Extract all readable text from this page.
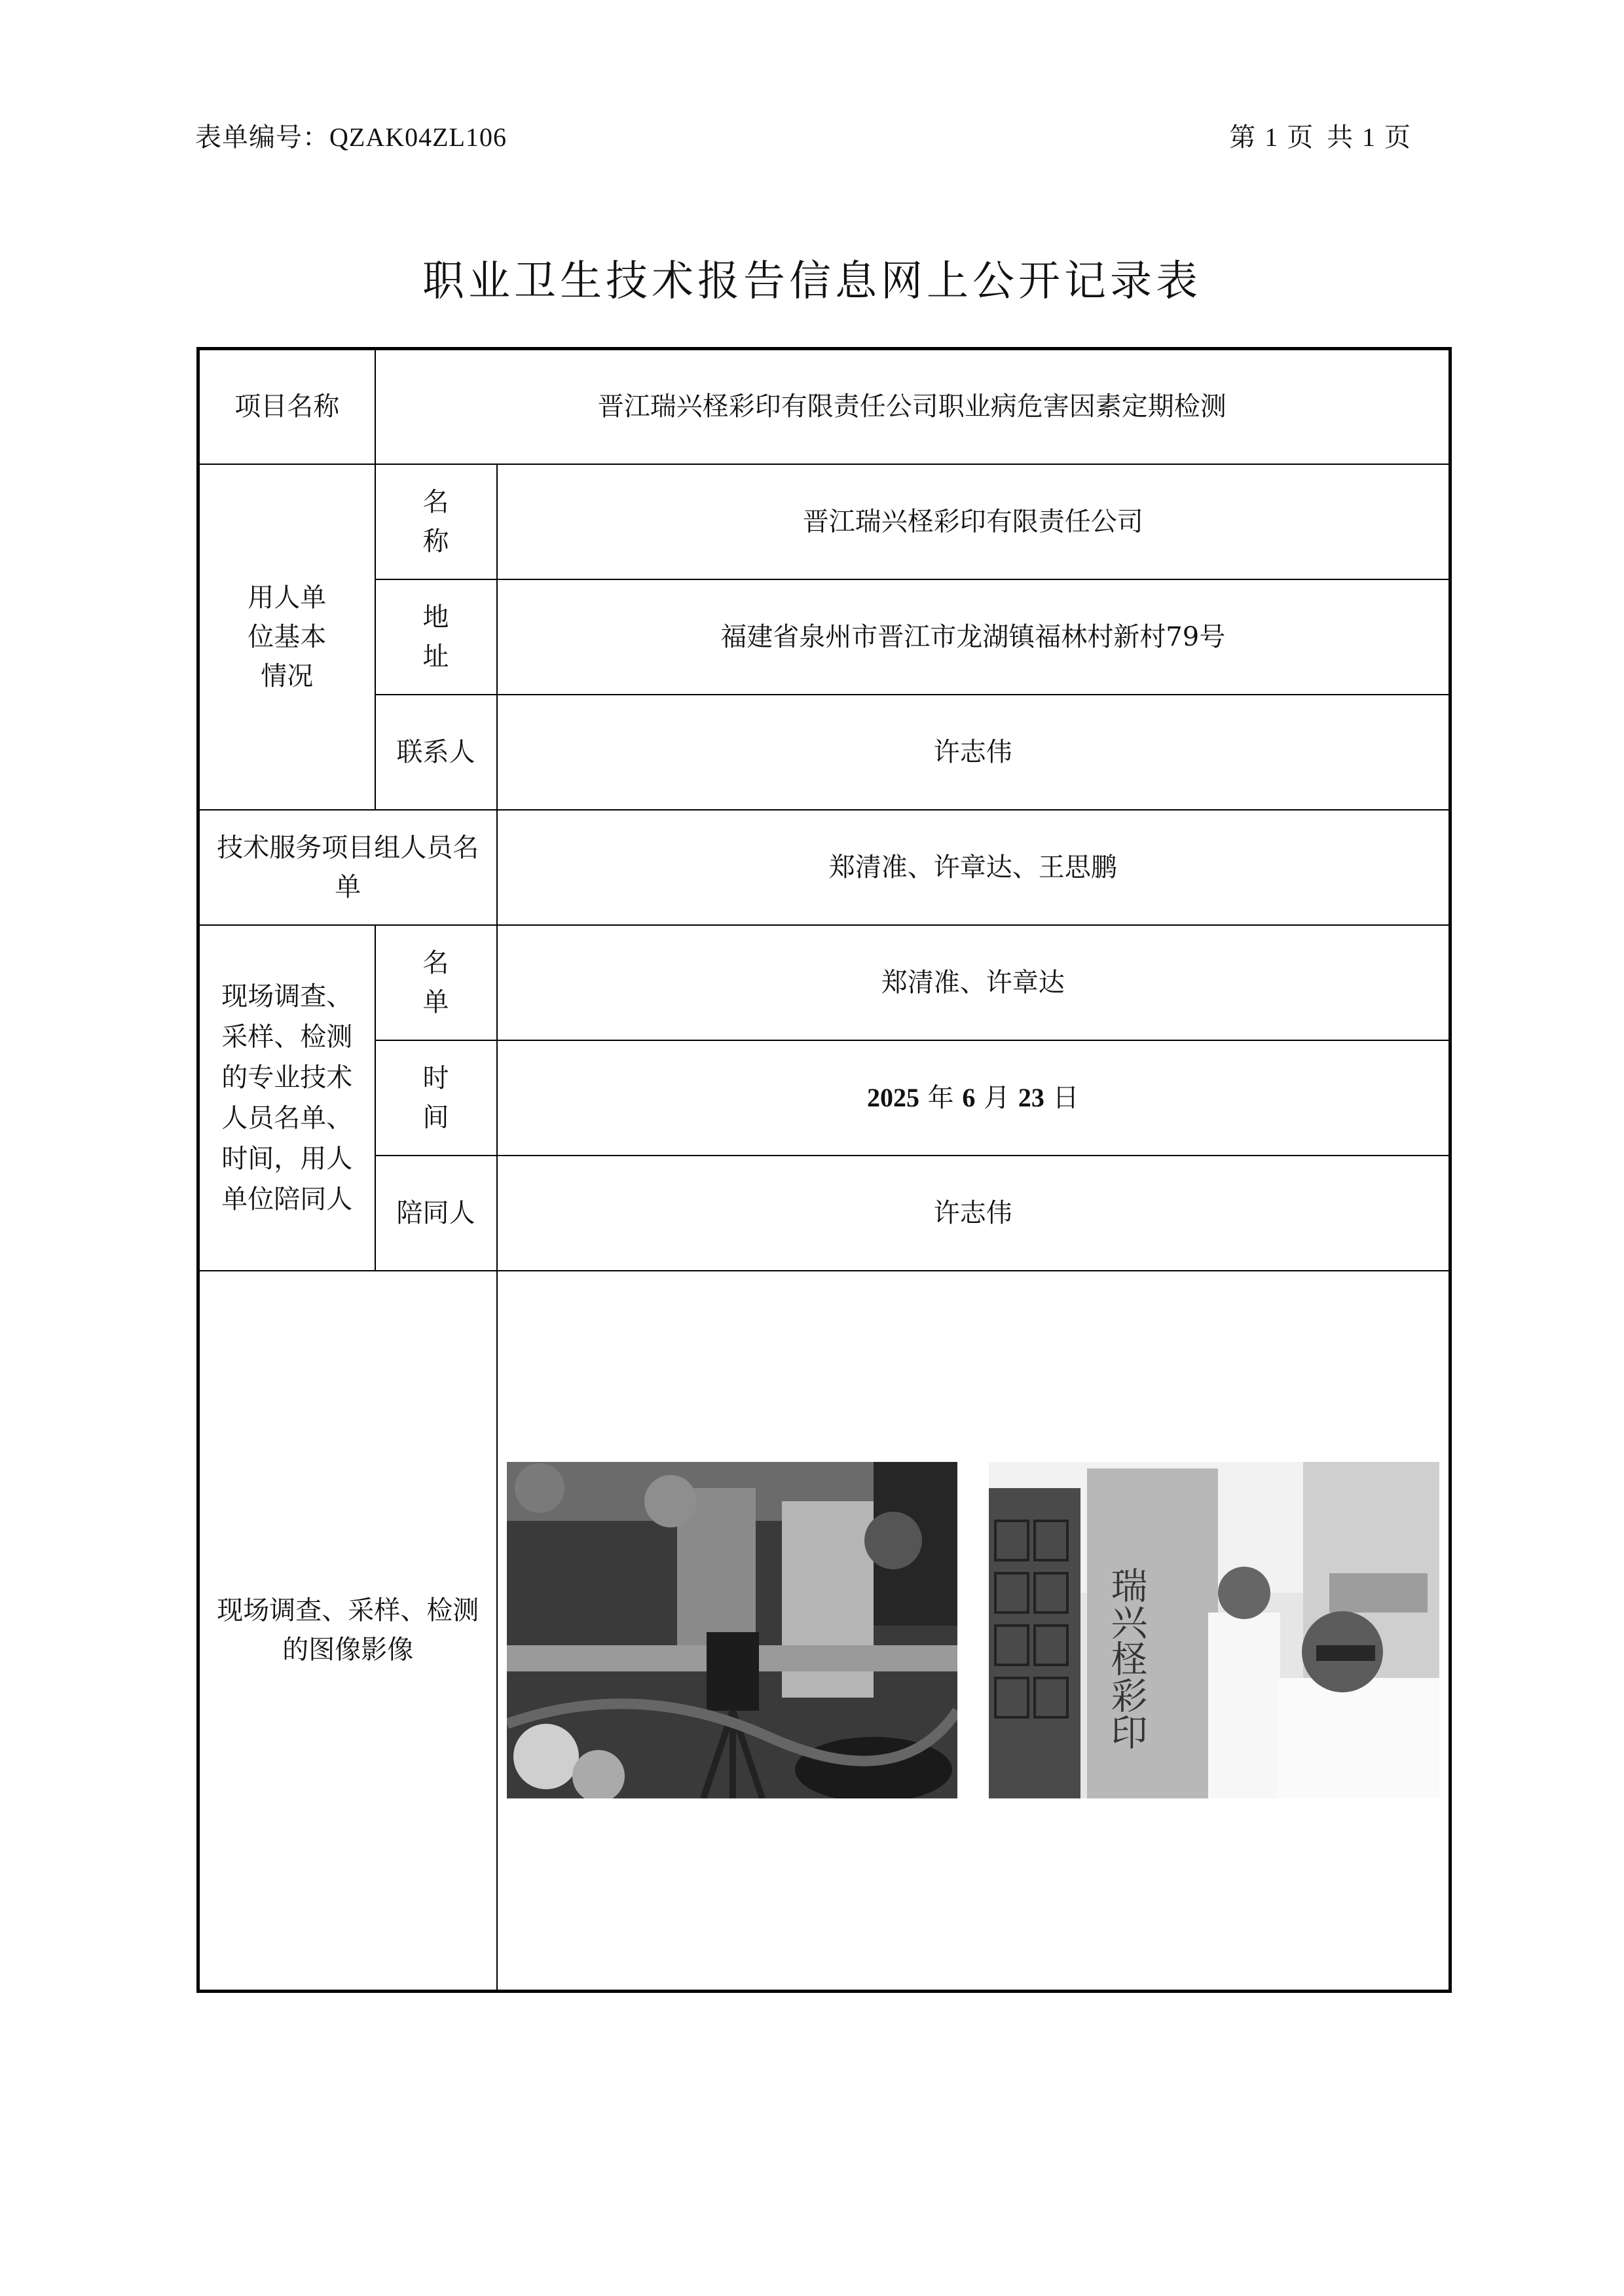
表单编号：QZAK04ZL106	第 1 页 共 1 页
职业卫生技术报告信息网上公开记录表
项目名称	晋江瑞兴柽彩印有限责任公司职业病危害因素定期检测	

用人单位基本情况	名 称	晋江瑞兴柽彩印有限责任公司
	地 址	福建省泉州市晋江市龙湖镇福林村新村79号
	联系人	许志伟

技术服务项目组人员名单		郑清准、许章达、王思鹏

现场调查、采样、检测的专业技术人员名单、时间，用人单位陪同人	名 单	郑清准、许章达
	时 间	2025 年 6 月 23 日
	陪同人	许志伟

现场调查、采样、检测的图像影像		瑞兴柽彩印
